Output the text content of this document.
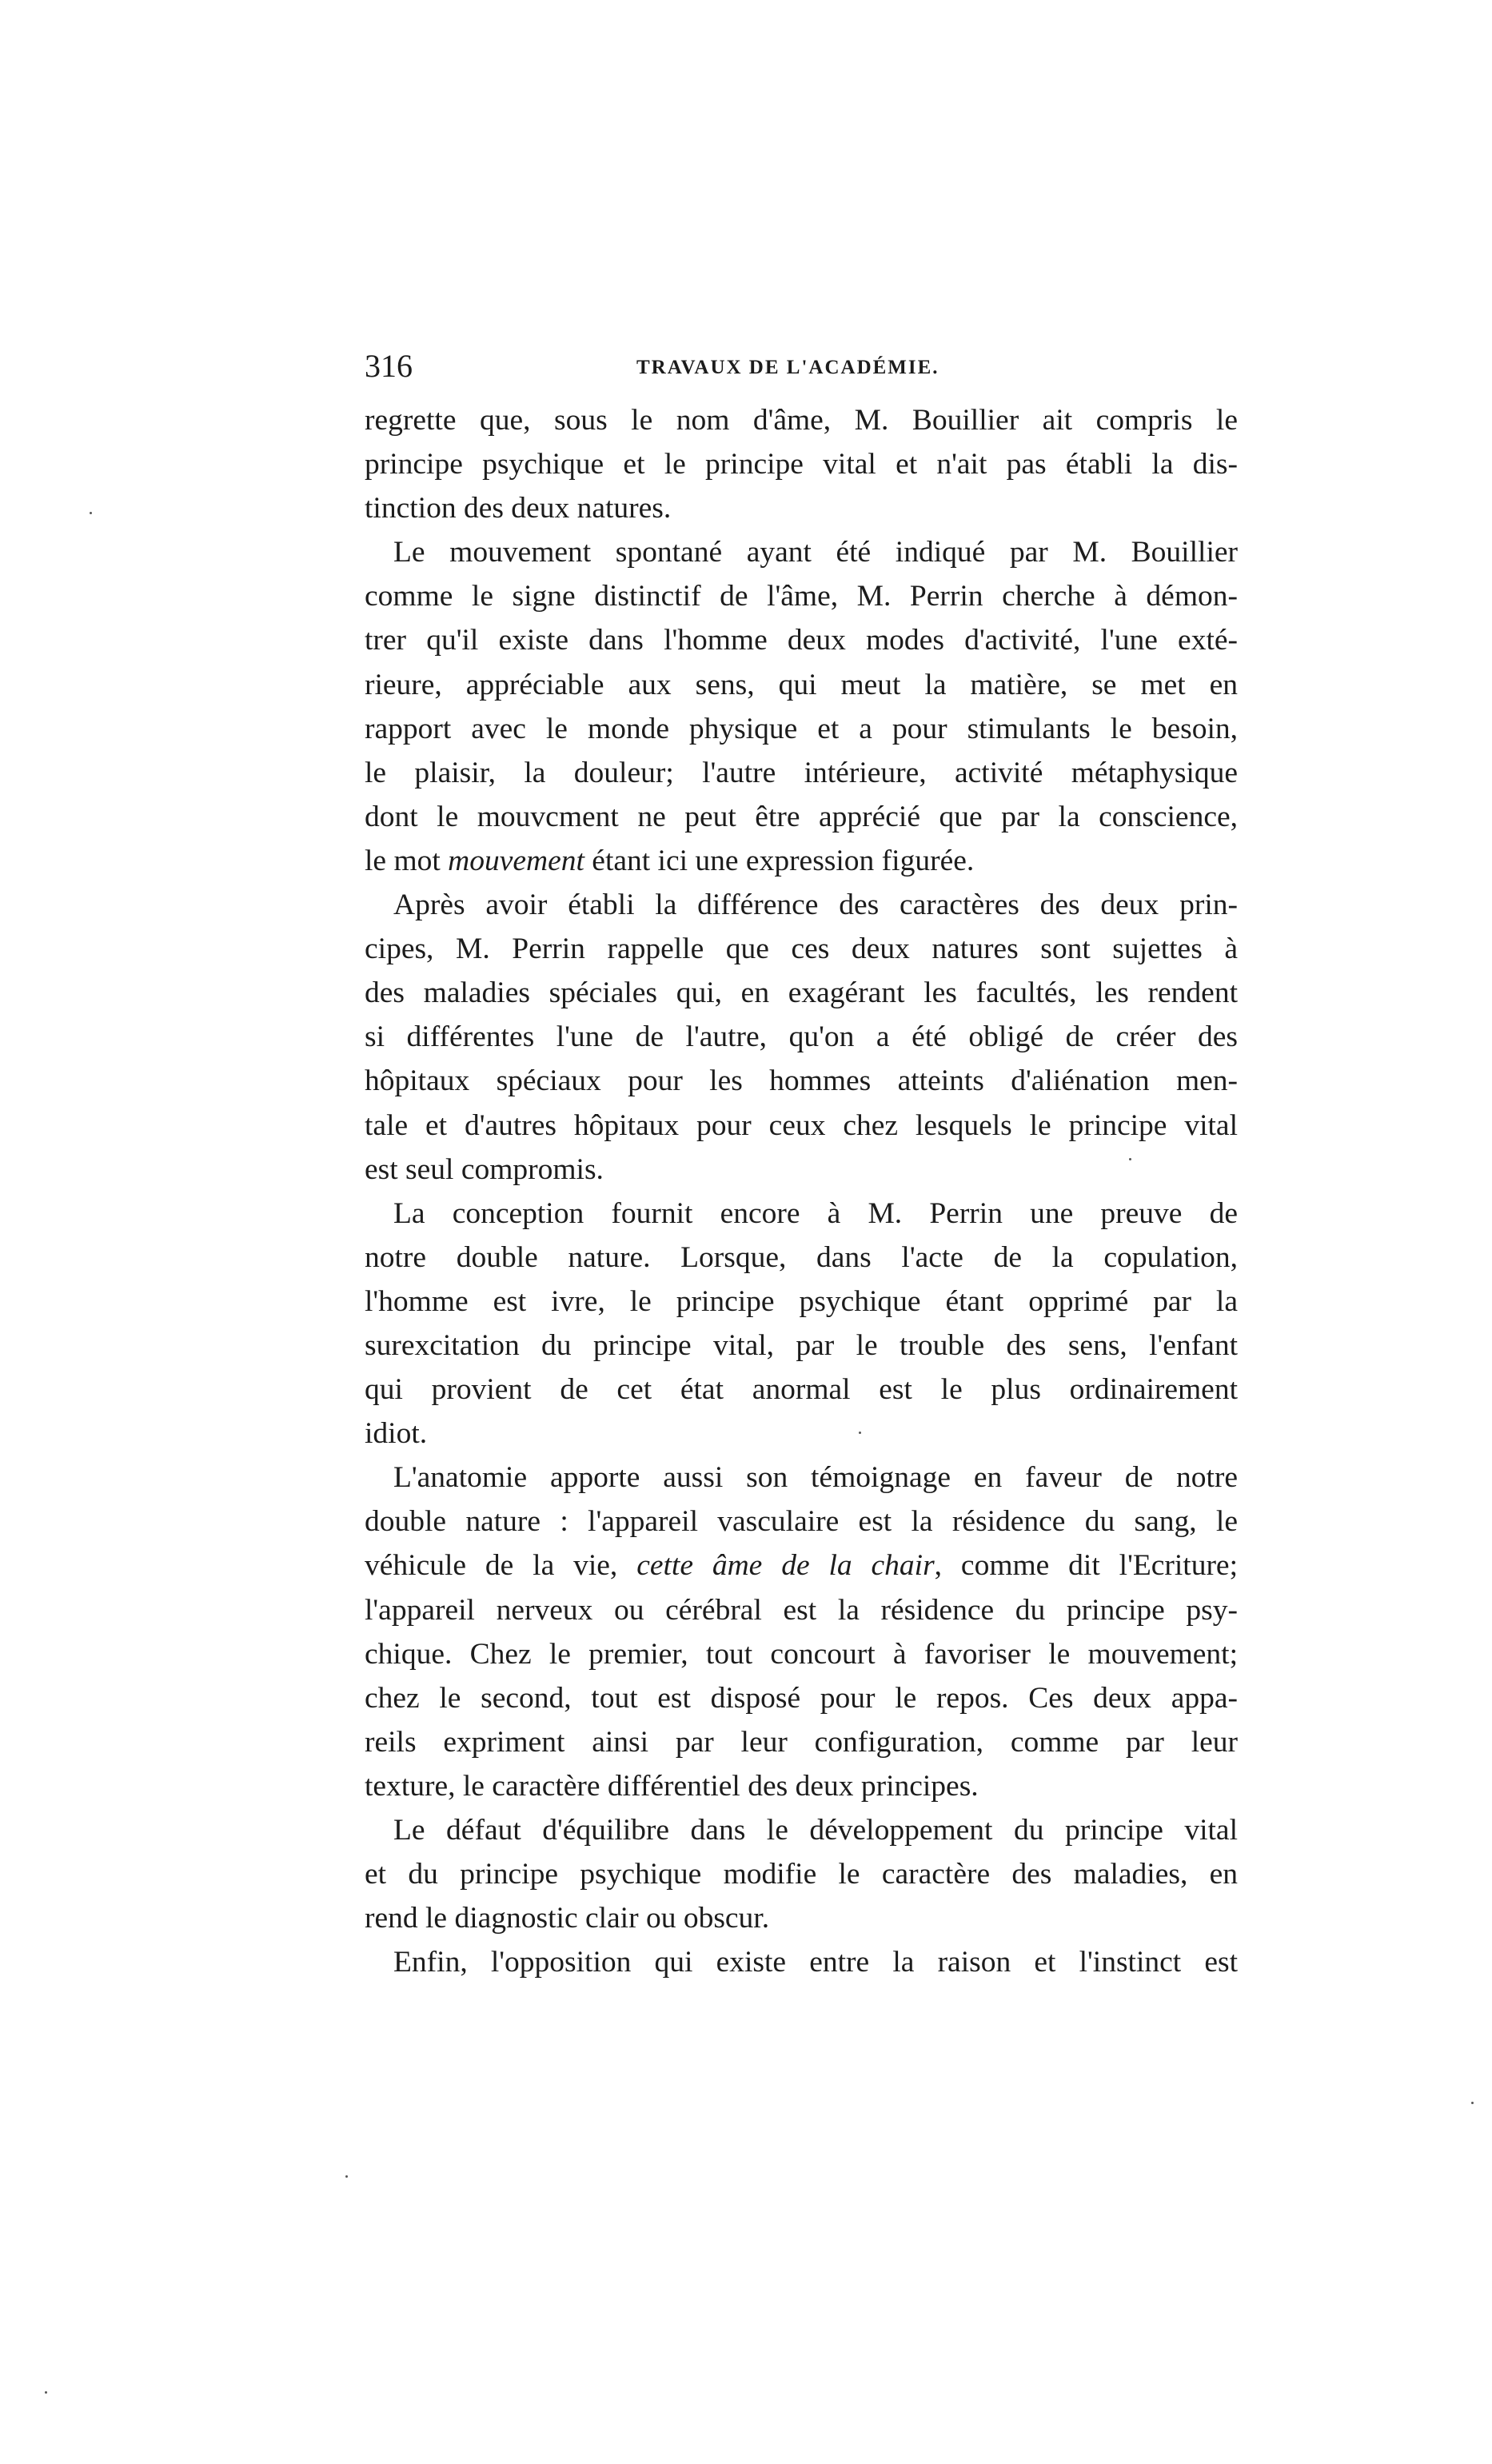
316	TRAVAUX DE L'ACADÉMIE.

regrette que, sous le nom d'âme, M. Bouillier ait compris le
principe psychique et le principe vital et n'ait pas établi la dis-
tinction des deux natures.

Le mouvement spontané ayant été indiqué par M. Bouillier
comme le signe distinctif de l'âme, M. Perrin cherche à démon-
trer qu'il existe dans l'homme deux modes d'activité, l'une exté-
rieure, appréciable aux sens, qui meut la matière, se met en
rapport avec le monde physique et a pour stimulants le besoin,
le plaisir, la douleur; l'autre intérieure, activité métaphysique
dont le mouvcment ne peut être apprécié que par la conscience,
le mot mouvement étant ici une expression figurée.

Après avoir établi la différence des caractères des deux prin-
cipes, M. Perrin rappelle que ces deux natures sont sujettes à
des maladies spéciales qui, en exagérant les facultés, les rendent
si différentes l'une de l'autre, qu'on a été obligé de créer des
hôpitaux spéciaux pour les hommes atteints d'aliénation men-
tale et d'autres hôpitaux pour ceux chez lesquels le principe vital
est seul compromis.

La conception fournit encore à M. Perrin une preuve de
notre double nature. Lorsque, dans l'acte de la copulation,
l'homme est ivre, le principe psychique étant opprimé par la
surexcitation du principe vital, par le trouble des sens, l'enfant
qui provient de cet état anormal est le plus ordinairement
idiot.

L'anatomie apporte aussi son témoignage en faveur de notre
double nature : l'appareil vasculaire est la résidence du sang, le
véhicule de la vie, cette âme de la chair, comme dit l'Ecriture;
l'appareil nerveux ou cérébral est la résidence du principe psy-
chique. Chez le premier, tout concourt à favoriser le mouvement;
chez le second, tout est disposé pour le repos. Ces deux appa-
reils expriment ainsi par leur configuration, comme par leur
texture, le caractère différentiel des deux principes.

Le défaut d'équilibre dans le développement du principe vital
et du principe psychique modifie le caractère des maladies, en
rend le diagnostic clair ou obscur.

Enfin, l'opposition qui existe entre la raison et l'instinct est
